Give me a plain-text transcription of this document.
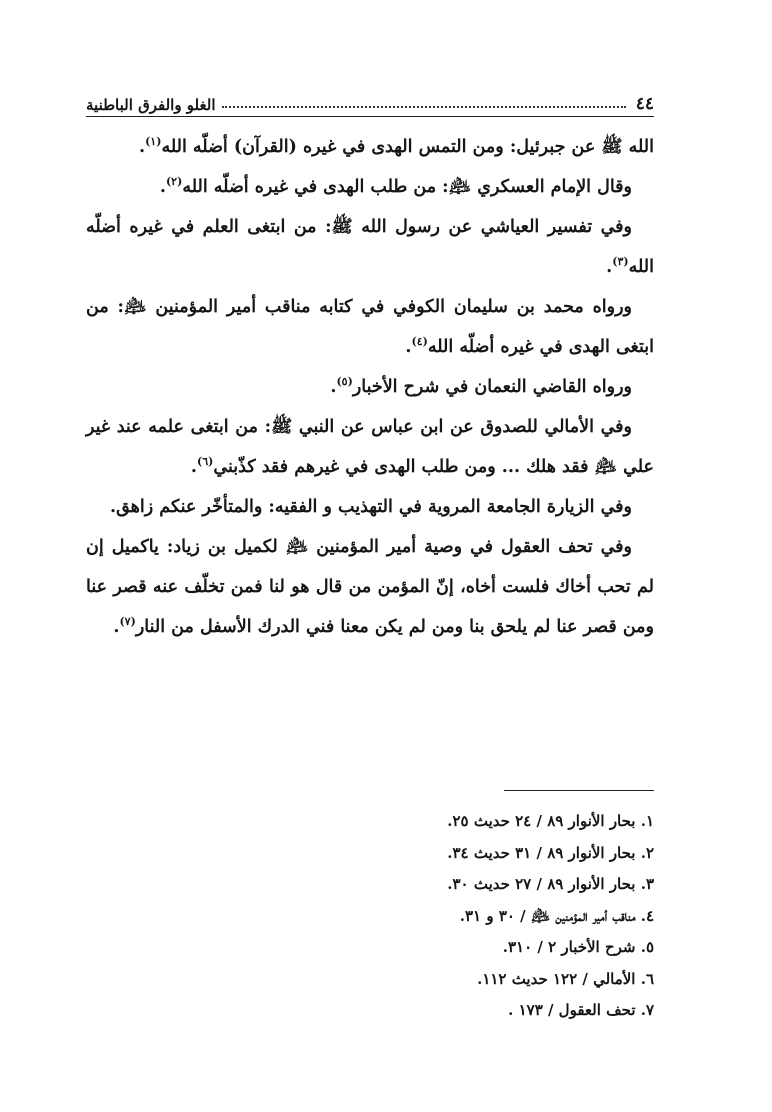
٤٤
الغلو والفرق الباطنية

الله ﷺ عن جبرئيل: ومن التمس الهدى في غيره (القرآن) أضلّه الله$^{(١)}$.

وقال الإمام العسكري ﵇: من طلب الهدى في غيره أضلّه الله$^{(٢)}$.

وفي تفسير العياشي عن رسول الله ﷺ: من ابتغى العلم في غيره أضلّه الله$^{(٣)}$.

ورواه محمد بن سليمان الكوفي في كتابه مناقب أمير المؤمنين ﵇: من ابتغى الهدى في غيره أضلّه الله$^{(٤)}$.

ورواه القاضي النعمان في شرح الأخبار$^{(٥)}$.

وفي الأمالي للصدوق عن ابن عباس عن النبي ﷺ: من ابتغى علمه عند غير علي ﵇ فقد هلك ... ومن طلب الهدى في غيرهم فقد كذّبني$^{(٦)}$.

وفي الزيارة الجامعة المروية في التهذيب و الفقيه: والمتأخّر عنكم زاهق.

وفي تحف العقول في وصية أمير المؤمنين ﵇ لكميل بن زياد: ياكميل إن لم تحب أخاك فلست أخاه، إنّ المؤمن من قال هو لنا فمن تخلّف عنه قصر عنا ومن قصر عنا لم يلحق بنا ومن لم يكن معنا فني الدرك الأسفل من النار$^{(٧)}$.

١. بحار الأنوار ٨٩ / ٢٤ حديث ٢٥.
٢. بحار الأنوار ٨٩ / ٣١ حديث ٣٤.
٣. بحار الأنوار ٨٩ / ٢٧ حديث ٣٠.
٤. مناقب أمير المؤمنين ﵇ / ٣٠ و ٣١.
٥. شرح الأخبار ٢ / ٣١٠.
٦. الأمالي / ١٢٢ حديث ١١٢.
٧. تحف العقول / ١٧٣ .
